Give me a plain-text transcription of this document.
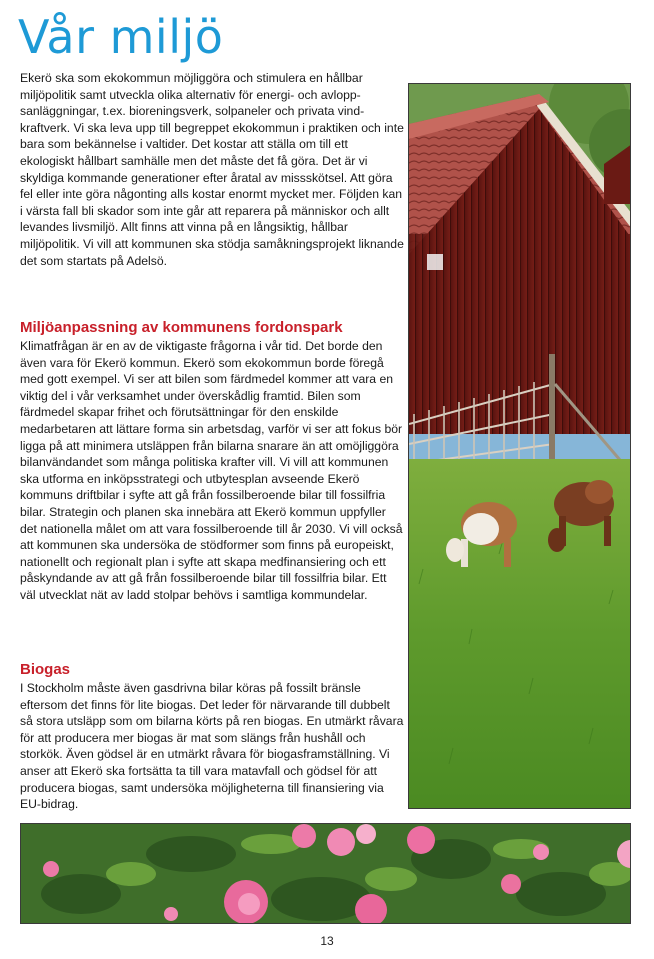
Vår miljö

Ekerö ska som ekokommun möjliggöra och stimulera en hållbar miljöpolitik samt utveckla olika alternativ för energi- och avloppsanläggningar, t.ex. bioreningsverk, solpaneler och privata vindkraftverk. Vi ska leva upp till begreppet ekokommun i praktiken och inte bara som bekännelse i valtider. Det kostar att ställa om till ett ekologiskt hållbart samhälle men det måste det få göra. Det är vi skyldiga kommande generationer efter åratal av missskötsel. Att göra fel eller inte göra någonting alls kostar enormt mycket mer. Följden kan i värsta fall bli skador som inte går att reparera på människor och allt levandes livsmiljö. Allt finns att vinna på en långsiktig, hållbar miljöpolitik. Vi vill att kommunen ska stödja samåkningsprojekt liknande det som startats på Adelsö.

Miljöanpassning av kommunens fordonspark

Klimatfrågan är en av de viktigaste frågorna i vår tid. Det borde den även vara för Ekerö kommun. Ekerö som ekokommun borde föregå med gott exempel. Vi ser att bilen som färdmedel kommer att vara en viktig del i vår verksamhet under överskådlig framtid. Bilen som färdmedel skapar frihet och förutsättningar för den enskilde medarbetaren att lättare forma sin arbetsdag, varför vi ser att fokus bör ligga på att minimera utsläppen från bilarna snarare än att omöjliggöra bilanvändandet som många politiska krafter vill. Vi vill att kommunen ska utforma en inköpsstrategi och utbytesplan avseende Ekerö kommuns driftbilar i syfte att gå från fossilberoende bilar till fossilfria bilar. Strategin och planen ska innebära att Ekerö kommun uppfyller det nationella målet om att vara fossilberoende till år 2030. Vi vill också att kommunen ska undersöka de stödformer som finns på europeiskt, nationellt och regionalt plan i syfte att skapa medfinansiering och ett påskyndande av att gå från fossilberoende bilar till fossilfria bilar. Ett väl utvecklat nät av ladd stolpar behövs i samtliga kommundelar.

Biogas

I Stockholm måste även gasdrivna bilar köras på fossilt bränsle eftersom det finns för lite biogas. Det leder för närvarande till dubbelt så stora utsläpp som om bilarna körts på ren biogas. En utmärkt råvara för att producera mer biogas är mat som slängs från hushåll och storkök. Även gödsel är en utmärkt råvara för biogasframställning. Vi anser att Ekerö ska fortsätta ta till vara matavfall och gödsel för att producera biogas, samt undersöka möjligheterna till finansiering via EU-bidrag.

13
